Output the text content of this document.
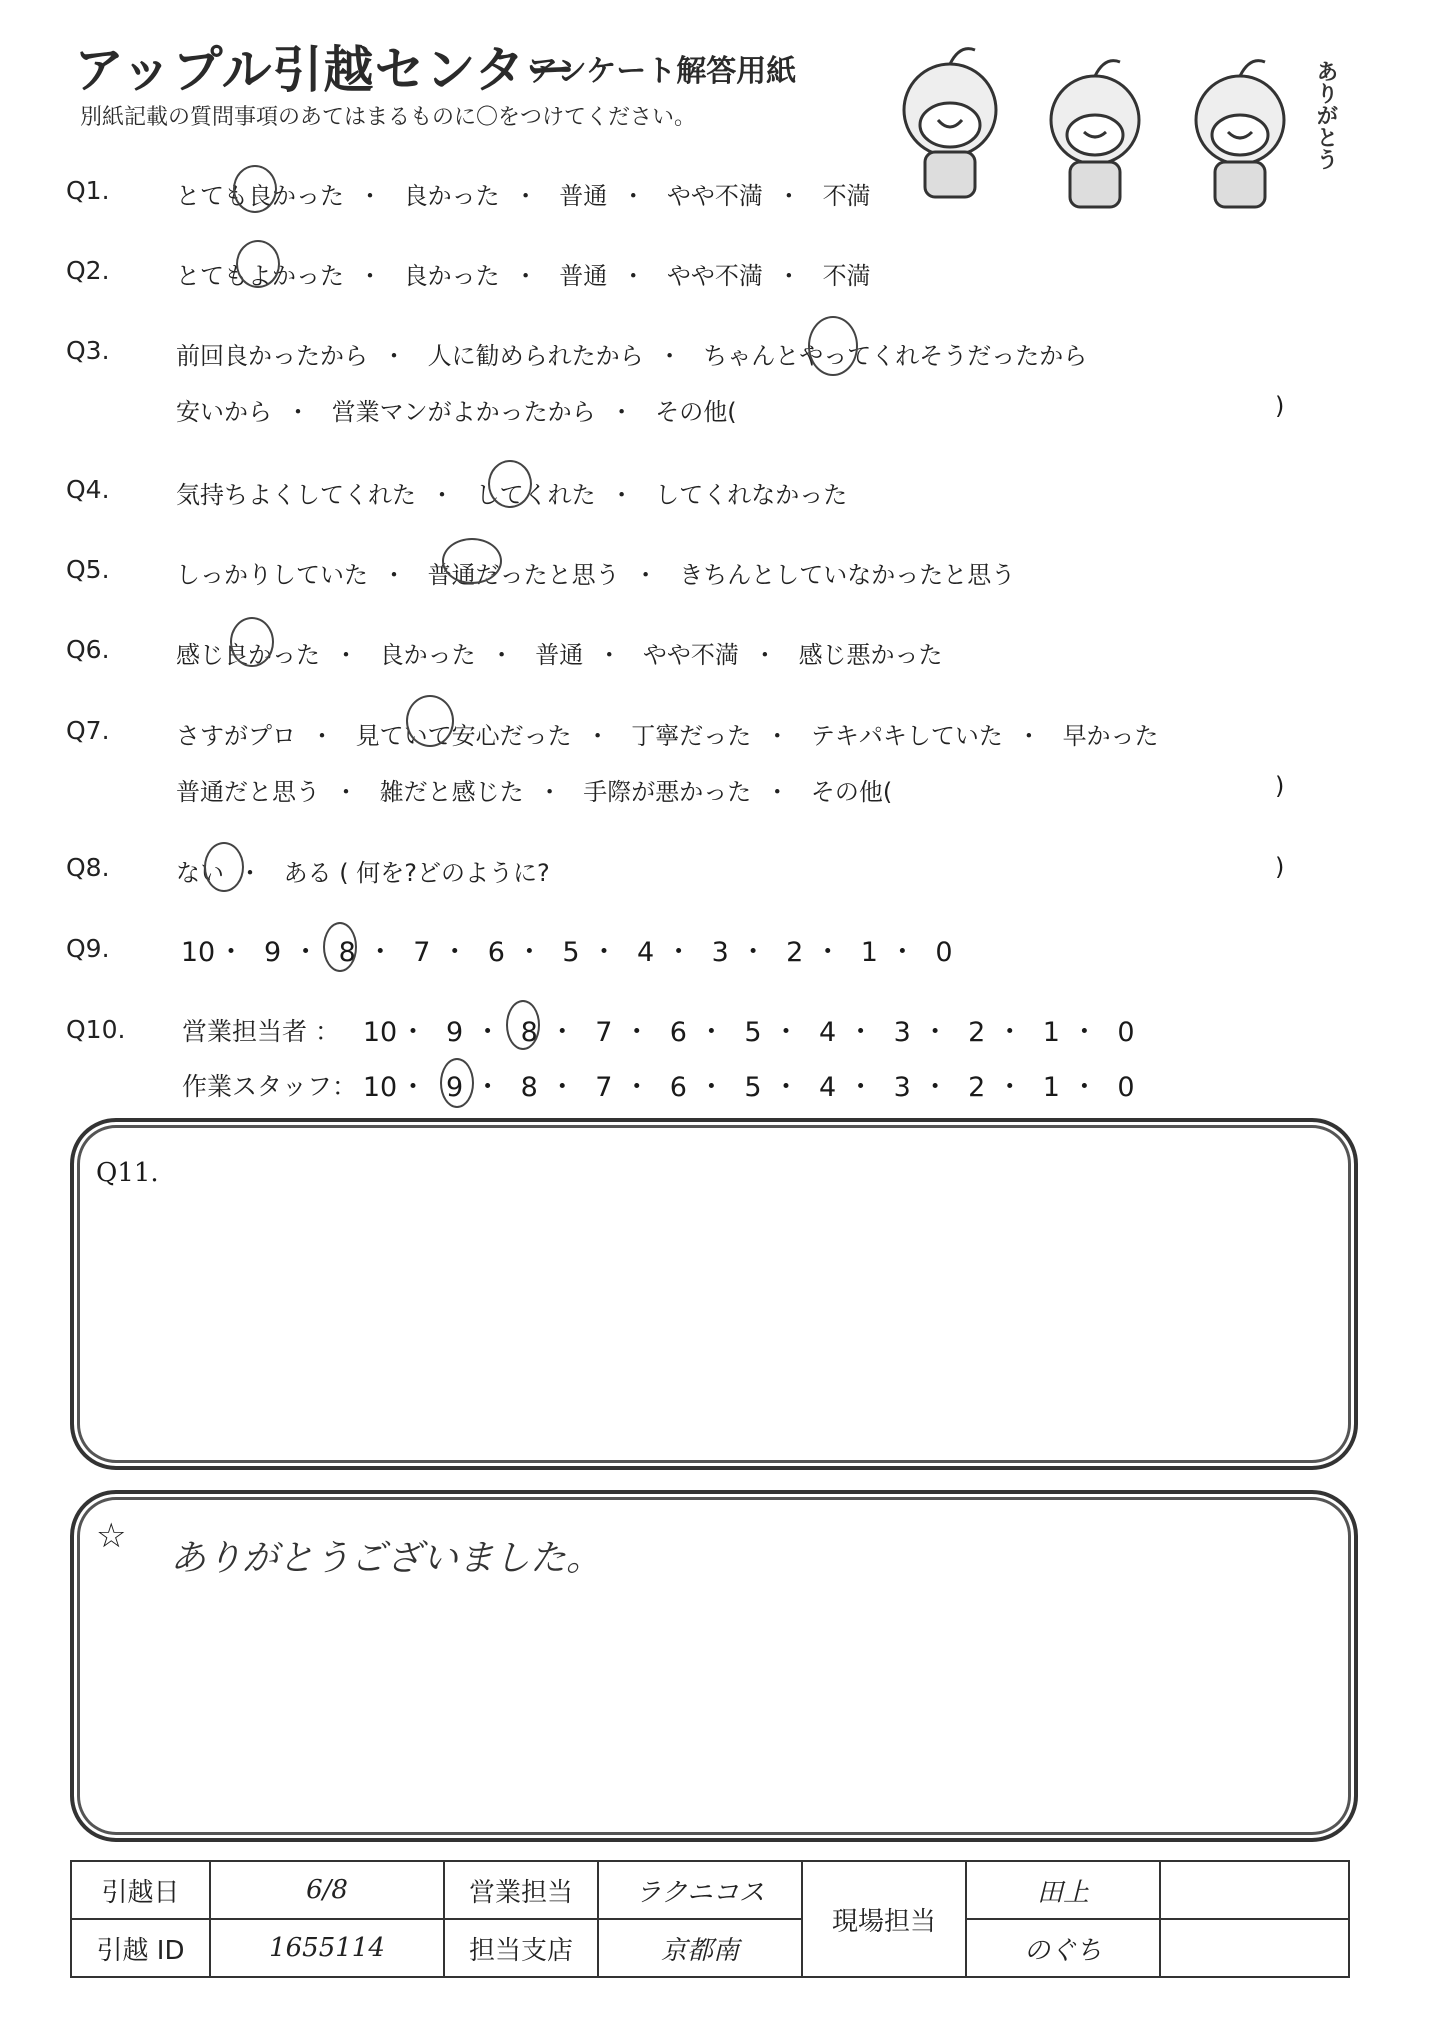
アップル引越センター
アンケート解答用紙
別紙記載の質問事項のあてはまるものに〇をつけてください。	ありがとう
Q1.	とても良かった ・ 良かった ・ 普通 ・ やや不満 ・ 不満
Q2.	とてもよかった ・ 良かった ・ 普通 ・ やや不満 ・ 不満
Q3.	前回良かったから ・ 人に勧められたから ・ ちゃんとやってくれそうだったから
安いから ・ 営業マンがよかったから ・ その他(	)
Q4.	気持ちよくしてくれた ・ してくれた ・ してくれなかった
Q5.	しっかりしていた ・ 普通だったと思う ・ きちんとしていなかったと思う
Q6.	感じ良かった ・ 良かった ・ 普通 ・ やや不満 ・ 感じ悪かった
Q7.	さすがプロ ・ 見ていて安心だった ・ 丁寧だった ・ テキパキしていた ・ 早かった
普通だと思う ・ 雑だと感じた ・ 手際が悪かった ・ その他(	)
Q8.	ない ・ ある ( 何を?どのように?	)
Q9.	10・ 9 ・ 8 ・ 7 ・ 6 ・ 5 ・ 4 ・ 3 ・ 2 ・ 1 ・ 0
Q10. 営業担当者 ： 10・ 9 ・ 8 ・ 7 ・ 6 ・ 5 ・ 4 ・ 3 ・ 2 ・ 1 ・ 0
作業スタッフ： 10・ 9 ・ 8 ・ 7 ・ 6 ・ 5 ・ 4 ・ 3 ・ 2 ・ 1 ・ 0
Q11.
☆
ありがとうございました。
引越日	6/8	営業担当	ラクニコス	現場担当	田上	
引越 ID	1655114	担当支店	京都南		のぐち	
